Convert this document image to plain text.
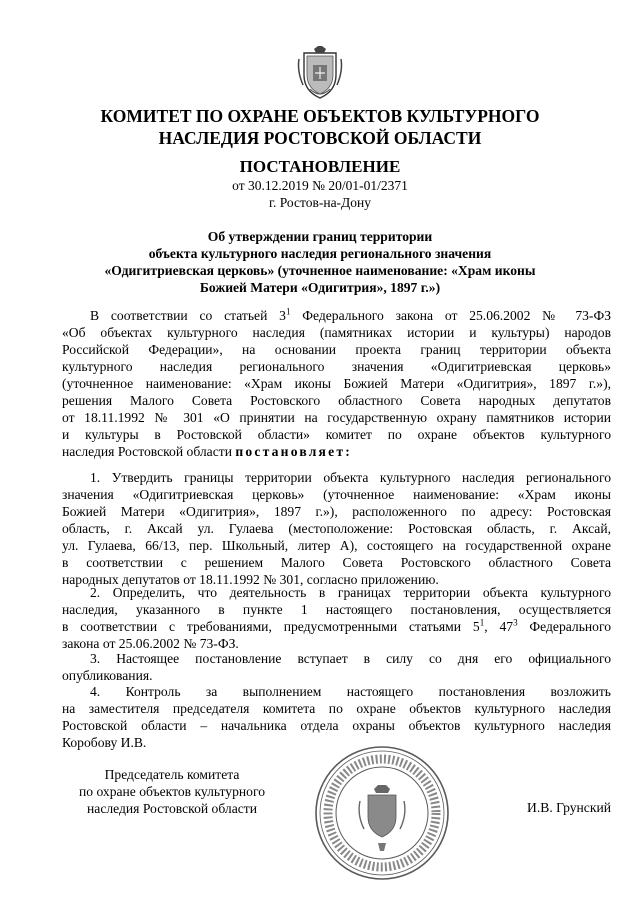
КОМИТЕТ ПО ОХРАНЕ ОБЪЕКТОВ КУЛЬТУРНОГО
НАСЛЕДИЯ РОСТОВСКОЙ ОБЛАСТИ
ПОСТАНОВЛЕНИЕ
от 30.12.2019 № 20/01-01/2371
г. Ростов-на-Дону
Об утверждении границ территории
объекта культурного наследия регионального значения
«Одигитриевская церковь» (уточненное наименование: «Храм иконы
Божией Матери «Одигитрия», 1897 г.»)
В соответствии со статьей $3^1$ Федерального закона от 25.06.2002 № 73-ФЗ
«Об объектах культурного наследия (памятниках истории и культуры) народов
Российской Федерации», на основании проекта границ территории объекта
культурного наследия регионального значения «Одигитриевская церковь»
(уточненное наименование: «Храм иконы Божией Матери «Одигитрия», 1897 г.»),
решения Малого Совета Ростовского областного Совета народных депутатов
от 18.11.1992 № 301 «О принятии на государственную охрану памятников истории
и культуры в Ростовской области» комитет по охране объектов культурного
наследия Ростовской области постановляет:
1. Утвердить границы территории объекта культурного наследия регионального
значения «Одигитриевская церковь» (уточненное наименование: «Храм иконы
Божией Матери «Одигитрия», 1897 г.»), расположенного по адресу: Ростовская
область, г. Аксай ул. Гулаева (местоположение: Ростовская область, г. Аксай,
ул. Гулаева, 66/13, пер. Школьный, литер А), состоящего на государственной охране
в соответствии с решением Малого Совета Ростовского областного Совета
народных депутатов от 18.11.1992 № 301, согласно приложению.
2. Определить, что деятельность в границах территории объекта культурного
наследия, указанного в пункте 1 настоящего постановления, осуществляется
в соответствии с требованиями, предусмотренными статьями $5^1$, $47^3$ Федерального
закона от 25.06.2002 № 73-ФЗ.
3. Настоящее постановление вступает в силу со дня его официального
опубликования.
4. Контроль за выполнением настоящего постановления возложить
на заместителя председателя комитета по охране объектов культурного наследия
Ростовской области – начальника отдела охраны объектов культурного наследия
Коробову И.В.
Председатель комитета
по охране объектов культурного
наследия Ростовской области	И.В. Грунский
